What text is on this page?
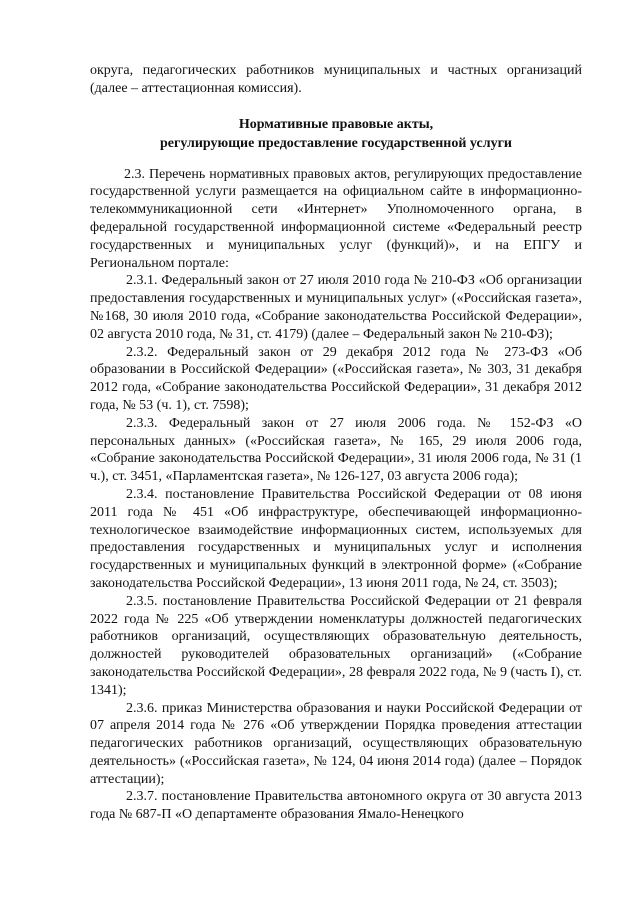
округа, педагогических работников муниципальных и частных организаций (далее – аттестационная комиссия).

Нормативные правовые акты,
регулирующие предоставление государственной услуги

2.3. Перечень нормативных правовых актов, регулирующих предоставление государственной услуги размещается на официальном сайте в информационно-телекоммуникационной сети «Интернет» Уполномоченного органа, в федеральной государственной информационной системе «Федеральный реестр государственных и муниципальных услуг (функций)», и на ЕПГУ и Региональном портале:

2.3.1. Федеральный закон от 27 июля 2010 года № 210-ФЗ «Об организации предоставления государственных и муниципальных услуг» («Российская газета», №168, 30 июля 2010 года, «Собрание законодательства Российской Федерации», 02 августа 2010 года, № 31, ст. 4179) (далее – Федеральный закон № 210-ФЗ);

2.3.2. Федеральный закон от 29 декабря 2012 года № 273-ФЗ «Об образовании в Российской Федерации» («Российская газета», № 303, 31 декабря 2012 года, «Собрание законодательства Российской Федерации», 31 декабря 2012 года, № 53 (ч. 1), ст. 7598);

2.3.3. Федеральный закон от 27 июля 2006 года. № 152-ФЗ «О персональных данных» («Российская газета», № 165, 29 июля 2006 года, «Собрание законодательства Российской Федерации», 31 июля 2006 года, № 31 (1 ч.), ст. 3451, «Парламентская газета», № 126-127, 03 августа 2006 года);

2.3.4. постановление Правительства Российской Федерации от 08 июня 2011 года № 451 «Об инфраструктуре, обеспечивающей информационно-технологическое взаимодействие информационных систем, используемых для предоставления государственных и муниципальных услуг и исполнения государственных и муниципальных функций в электронной форме» («Собрание законодательства Российской Федерации», 13 июня 2011 года, № 24, ст. 3503);

2.3.5. постановление Правительства Российской Федерации от 21 февраля 2022 года № 225 «Об утверждении номенклатуры должностей педагогических работников организаций, осуществляющих образовательную деятельность, должностей руководителей образовательных организаций» («Собрание законодательства Российской Федерации», 28 февраля 2022 года, № 9 (часть I), ст. 1341);

2.3.6. приказ Министерства образования и науки Российской Федерации от 07 апреля 2014 года № 276 «Об утверждении Порядка проведения аттестации педагогических работников организаций, осуществляющих образовательную деятельность» («Российская газета», № 124, 04 июня 2014 года) (далее – Порядок аттестации);

2.3.7. постановление Правительства автономного округа от 30 августа 2013 года № 687-П «О департаменте образования Ямало-Ненецкого
